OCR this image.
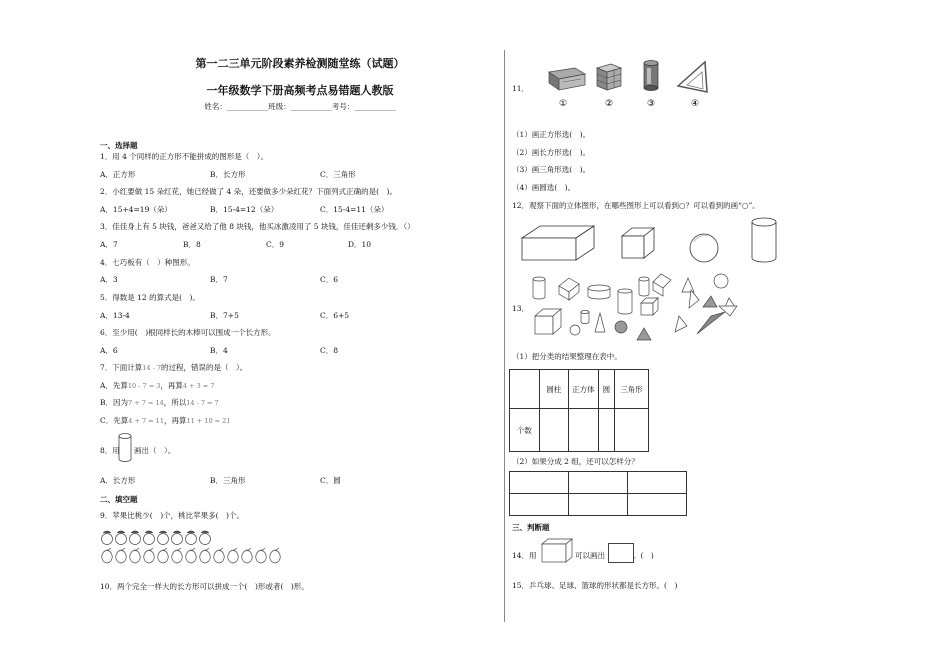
第一二三单元阶段素养检测随堂练（试题）
一年级数学下册高频考点易错题人教版
姓名：___________班级：___________考号：___________
一、选择题
1．用 4 个同样的正方形不能拼成的图形是（　）。
A．正方形	B．长方形	C．三角形
2．小红要做 15 朵红花，她已经做了 4 朵，还要做多少朵红花？下面列式正确的是(　)。
A．15+4=19（朵）	B．15-4=12（朵）	C．15-4=11（朵）
3．佳佳身上有 5 块钱，爸爸又给了他 8 块钱，他买冰激凌用了 5 块钱，佳佳还剩多少钱．（）
A．7	B．8	C．9	D．10
4．七巧板有（　）种图形。
A．3	B．7	C．6
5．得数是 12 的算式是(　)。
A．13-4	B．7+5	C．6+5
6．至少用(　)根同样长的木棒可以围成一个长方形。
A．6	B．4	C．8
7．下面计算14 - 7的过程，错误的是（　）。
A．先算10 - 7 = 3，再算4 + 3 = 7
B．因为7 + 7 = 14，所以14 - 7 = 7
C．先算4 + 7 = 11，再算11 + 10 = 21
8．用 画出（　）。
A．长方形	B．三角形	C．圆
二、填空题
9．苹果比桃少(　)个，桃比苹果多(　)个。
10．两个完全一样大的长方形可以拼成一个(　)形或者(　)形。
11．
①	②	③	④
（1）画正方形选(　)。
（2）画长方形选(　)。
（3）画三角形选(　)。
（4）画圆选(　)。
12．观察下面的立体图形，在哪些图形上可以看到○？可以看到的画“○”。
13．
（1）把分类的结果整理在表中。
	圆柱	正方体	圆	三角形
个数				
（2）如果分成 2 组，还可以怎样分？

三、判断题
14．用	可以画出	。(　)
15．乒乓球、足球、篮球的形状都是长方形。(　)
